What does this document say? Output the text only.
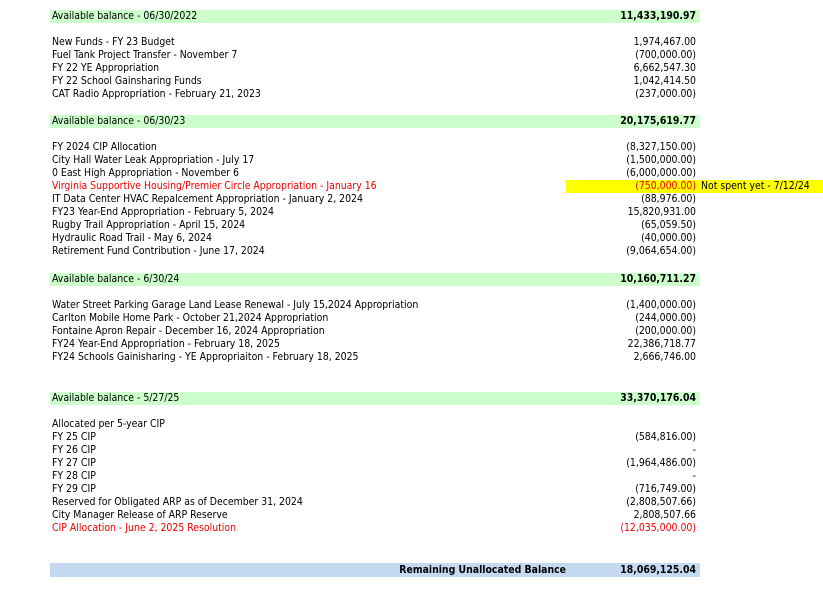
Available balance - 06/30/2022	11,433,190.97
New Funds - FY 23 Budget	1,974,467.00
Fuel Tank Project Transfer - November 7	(700,000.00)
FY 22 YE Appropriation	6,662,547.30
FY 22 School Gainsharing Funds	1,042,414.50
CAT Radio Appropriation - February 21, 2023	(237,000.00)
Available balance - 06/30/23	20,175,619.77
FY 2024 CIP Allocation	(8,327,150.00)
City Hall Water Leak Appropriation - July 17	(1,500,000.00)
0 East High Appropriation - November 6	(6,000,000.00)
Virginia Supportive Housing/Premier Circle Appropriation - January 16	(750,000.00) Not spent yet - 7/12/24
IT Data Center HVAC Repalcement Appropriation - January 2, 2024	(88,976.00)
FY23 Year-End Appropriation - February 5, 2024	15,820,931.00
Rugby Trail Appropriation - April 15, 2024	(65,059.50)
Hydraulic Road Trail - May 6, 2024	(40,000.00)
Retirement Fund Contribution - June 17, 2024	(9,064,654.00)
Available balance - 6/30/24	10,160,711.27
Water Street Parking Garage Land Lease Renewal - July 15,2024 Appropriation	(1,400,000.00)
Carlton Mobile Home Park - October 21,2024 Appropriation	(244,000.00)
Fontaine Apron Repair - December 16, 2024 Appropriation	(200,000.00)
FY24 Year-End Appropriation - February 18, 2025	22,386,718.77
FY24 Schools Gainisharing - YE Appropriaiton - February 18, 2025	2,666,746.00
Available balance - 5/27/25	33,370,176.04
Allocated per 5-year CIP
FY 25 CIP	(584,816.00)
FY 26 CIP	-
FY 27 CIP	(1,964,486.00)
FY 28 CIP	-
FY 29 CIP	(716,749.00)
Reserved for Obligated ARP as of December 31, 2024	(2,808,507.66)
City Manager Release of ARP Reserve	2,808,507.66
CIP Allocation - June 2, 2025 Resolution	(12,035,000.00)
Remaining Unallocated Balance	18,069,125.04
